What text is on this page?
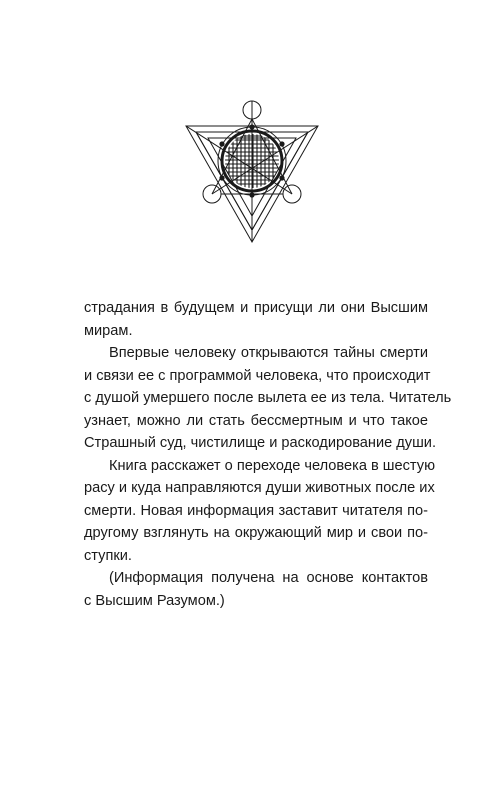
страдания в будущем и присущи ли они Высшим
мирам.
Впервые человеку открываются тайны смерти
и связи ее с программой человека, что происходит
с душой умершего после вылета ее из тела. Читатель
узнает, можно ли стать бессмертным и что такое
Страшный суд, чистилище и раскодирование души.
Книга расскажет о переходе человека в шестую
расу и куда направляются души животных после их
смерти. Новая информация заставит читателя по-
другому взглянуть на окружающий мир и свои по-
ступки.
(Информация получена на основе контактов
с Высшим Разумом.)
